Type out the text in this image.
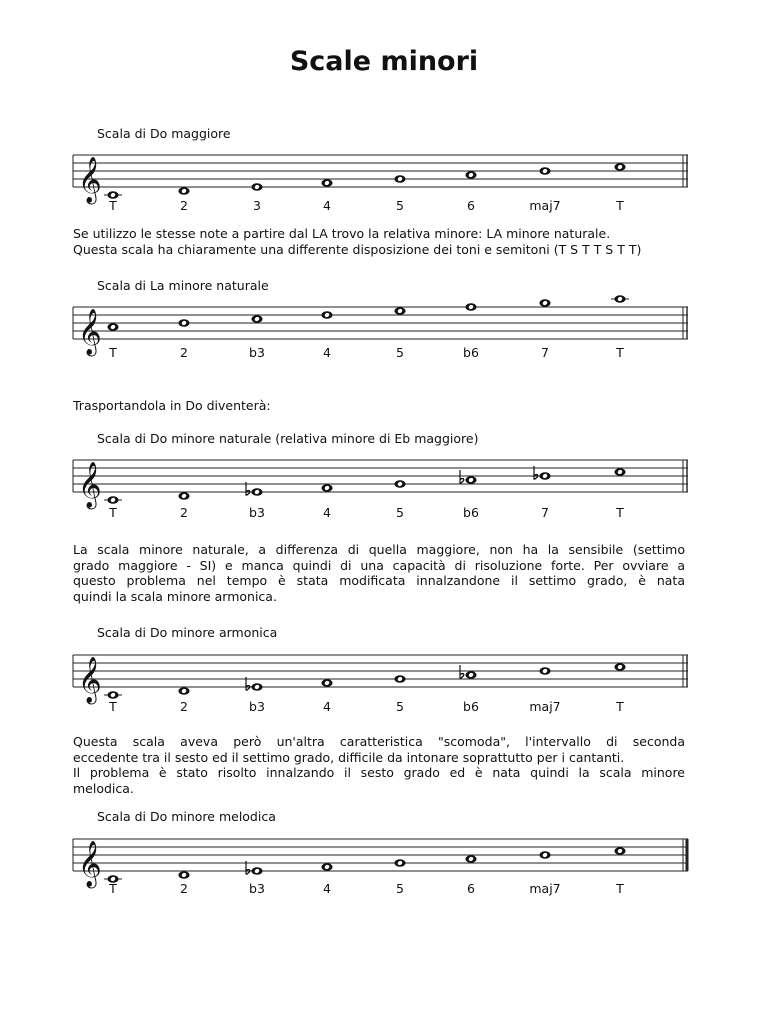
Scale minori

Scala di Do maggiore

Scala di La minore naturale

Scala di Do minore naturale (relativa minore di Eb maggiore)

Scala di Do minore armonica

Scala di Do minore melodica

Se utilizzo le stesse note a partire dal LA trovo la relativa minore: LA minore naturale.
Questa scala ha chiaramente una differente disposizione dei toni e semitoni (T S T T S T T)
Trasportandola in Do diventerà:
La scala minore naturale, a differenza di quella maggiore, non ha la sensibile (settimo
grado maggiore - SI) e manca quindi di una capacità di risoluzione forte. Per ovviare a
questo problema nel tempo è stata modificata innalzandone il settimo grado, è nata
quindi la scala minore armonica.
Questa scala aveva però un'altra caratteristica "scomoda", l'intervallo di seconda
eccedente tra il sesto ed il settimo grado, difficile da intonare soprattutto per i cantanti.
Il problema è stato risolto innalzando il sesto grado ed è nata quindi la scala minore
melodica.
𝄞
𝄞
𝄞
𝄞
𝄞
T	2	3	4	5	6	maj7	T
T	2	b3	4	5	b6	7	T
T	2	b3	4	5	b6	7	T
T	2	b3	4	5	b6	maj7	T
T	2	b3	4	5	6	maj7	T
